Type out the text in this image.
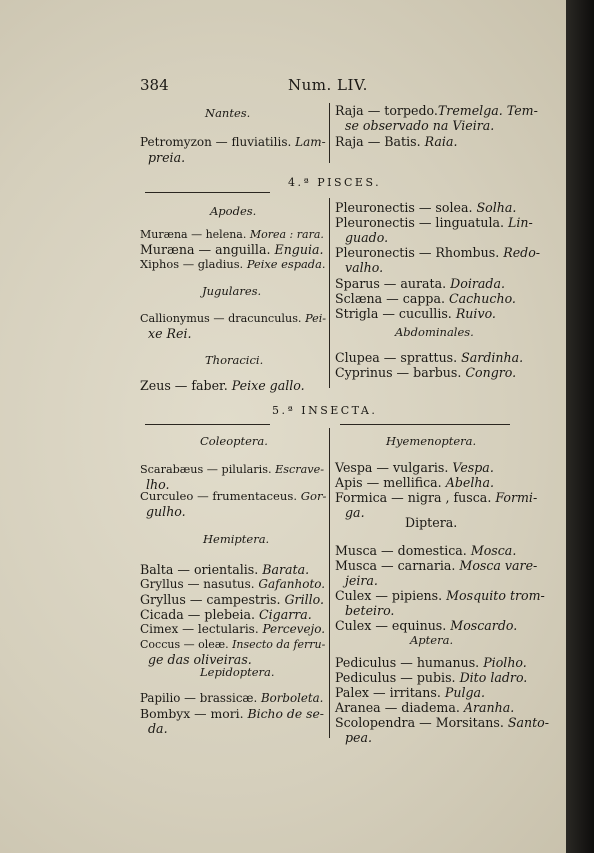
384	Num. LIV.
Nantes.
Petromyzon — fluviatilis. Lam-
preia.
Raja — torpedo.Tremelga. Tem-
se observado na Vieira.
Raja — Batis. Raia.
4.ª PISCES.
Apodes.
Muræna — helena. Morea : rara.
Muræna — anguilla. Enguia.
Xiphos — gladius. Peixe espada.
Jugulares.
Callionymus — dracunculus. Pei-
xe Rei.
Thoracici.
Zeus — faber. Peixe gallo.
Pleuronectis — solea. Solha.
Pleuronectis — linguatula. Lin-
guado.
Pleuronectis — Rhombus. Redo-
valho.
Sparus — aurata. Doirada.
Sclæna — cappa. Cachucho.
Strigla — cucullis. Ruivo.
Abdominales.
Clupea — sprattus. Sardinha.
Cyprinus — barbus. Congro.
5.ª INSECTA.
Coleoptera.
Scarabæus — pilularis. Escrave-
lho.
Curculeo — frumentaceus. Gor-
gulho.
Hemiptera.
Balta — orientalis. Barata.
Gryllus — nasutus. Gafanhoto.
Gryllus — campestris. Grillo.
Cicada — plebeia. Cigarra.
Cimex — lectularis. Percevejo.
Coccus — oleæ. Insecto da ferru-
ge das oliveiras.
Lepidoptera.
Papilio — brassicæ. Borboleta.
Bombyx — mori. Bicho de se-
da.
Hyemenoptera.
Vespa — vulgaris. Vespa.
Apis — mellifica. Abelha.
Formica — nigra , fusca. Formi-
ga.
Diptera.
Musca — domestica. Mosca.
Musca — carnaria. Mosca vare-
jeira.
Culex — pipiens. Mosquito trom-
beteiro.
Culex — equinus. Moscardo.
Aptera.
Pediculus — humanus. Piolho.
Pediculus — pubis. Dito ladro.
Palex — irritans. Pulga.
Aranea — diadema. Aranha.
Scolopendra — Morsitans. Santo-
pea.
